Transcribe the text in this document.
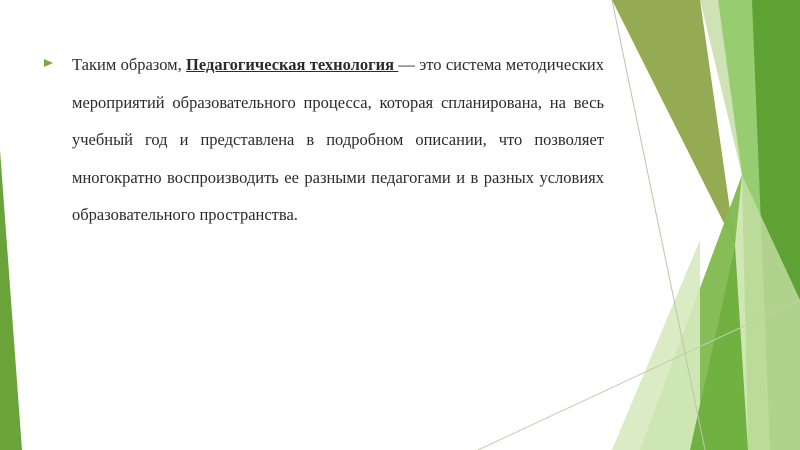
Таким образом, Педагогическая технология — это система методических мероприятий образовательного процесса, которая спланирована, на весь учебный год и представлена в подробном описании, что позволяет многократно воспроизводить ее разными педагогами и в разных условиях образовательного пространства.
